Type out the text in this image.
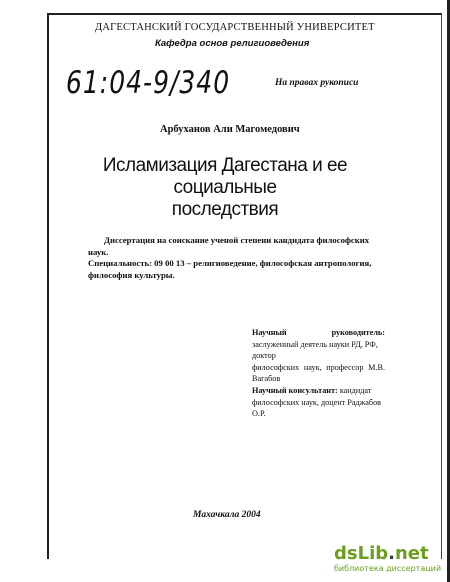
ДАГЕСТАНСКИЙ ГОСУДАРСТВЕННЫЙ УНИВЕРСИТЕТ
Кафедра основ религиоведения
61:04-9/340	На правах рукописи
Арбуханов Али Магомедович
Исламизация Дагестана и ее социальные
последствия
Диссертация на соискание ученой степени кандидата философских наук.
Специальность: 09 00 13 – религиоведение, философская антропология,
философия культуры.
Научный	руководитель:
заслуженный деятель науки РД, РФ, доктор
философских наук, профессор М.В.
Вагабов
Научный консультант: кандидат
философских наук, доцент Раджабов О.Р.
Махачкала 2004
dsLib.net
библиотека диссертаций
